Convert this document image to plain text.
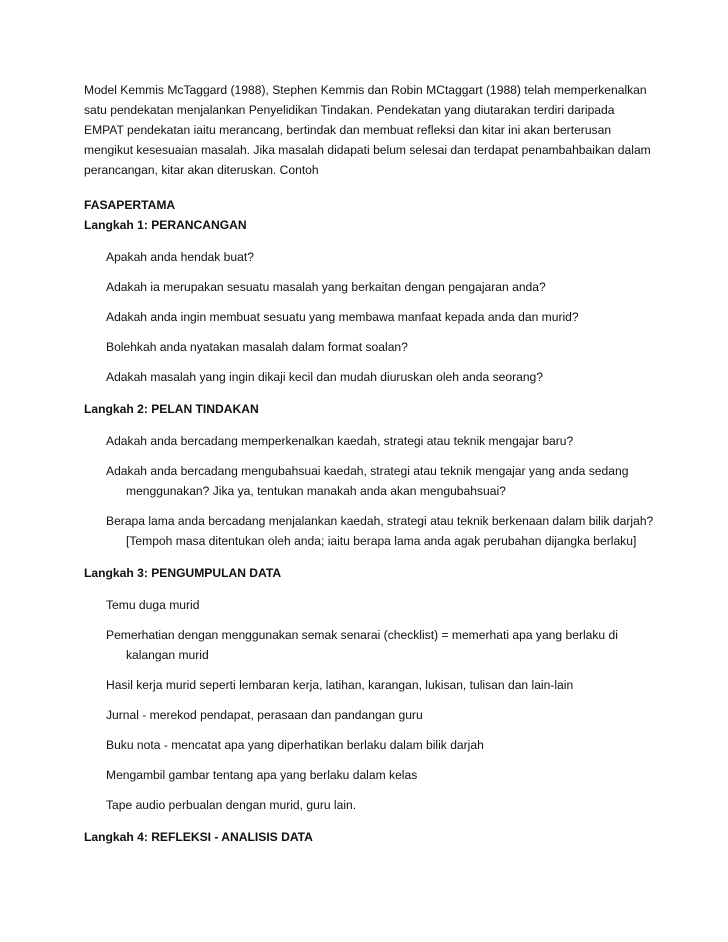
Model Kemmis McTaggard (1988), Stephen Kemmis dan Robin MCtaggart (1988) telah memperkenalkan satu pendekatan menjalankan Penyelidikan Tindakan. Pendekatan yang diutarakan terdiri daripada EMPAT pendekatan iaitu merancang, bertindak dan membuat refleksi dan kitar ini akan berterusan mengikut kesesuaian masalah. Jika masalah didapati belum selesai dan terdapat penambahbaikan dalam perancangan, kitar akan diteruskan. Contoh

FASAPERTAMA

Langkah 1: PERANCANGAN

Apakah anda hendak buat?

Adakah ia merupakan sesuatu masalah yang berkaitan dengan pengajaran anda?

Adakah anda ingin membuat sesuatu yang membawa manfaat kepada anda dan murid?

Bolehkah anda nyatakan masalah dalam format soalan?

Adakah masalah yang ingin dikaji kecil dan mudah diuruskan oleh anda seorang?

Langkah 2: PELAN TINDAKAN

Adakah anda bercadang memperkenalkan kaedah, strategi atau teknik mengajar baru?

Adakah anda bercadang mengubahsuai kaedah, strategi atau teknik mengajar yang anda sedang menggunakan? Jika ya, tentukan manakah anda akan mengubahsuai?

Berapa lama anda bercadang menjalankan kaedah, strategi atau teknik berkenaan dalam bilik darjah? [Tempoh masa ditentukan oleh anda; iaitu berapa lama anda agak perubahan dijangka berlaku]

Langkah 3: PENGUMPULAN DATA

Temu duga murid

Pemerhatian dengan menggunakan semak senarai (checklist) = memerhati apa yang berlaku di kalangan murid

Hasil kerja murid seperti lembaran kerja, latihan, karangan, lukisan, tulisan dan lain-lain

Jurnal - merekod pendapat, perasaan dan pandangan guru

Buku nota - mencatat apa yang diperhatikan berlaku dalam bilik darjah

Mengambil gambar tentang apa yang berlaku dalam kelas

Tape audio perbualan dengan murid, guru lain.

Langkah 4: REFLEKSI - ANALISIS DATA
